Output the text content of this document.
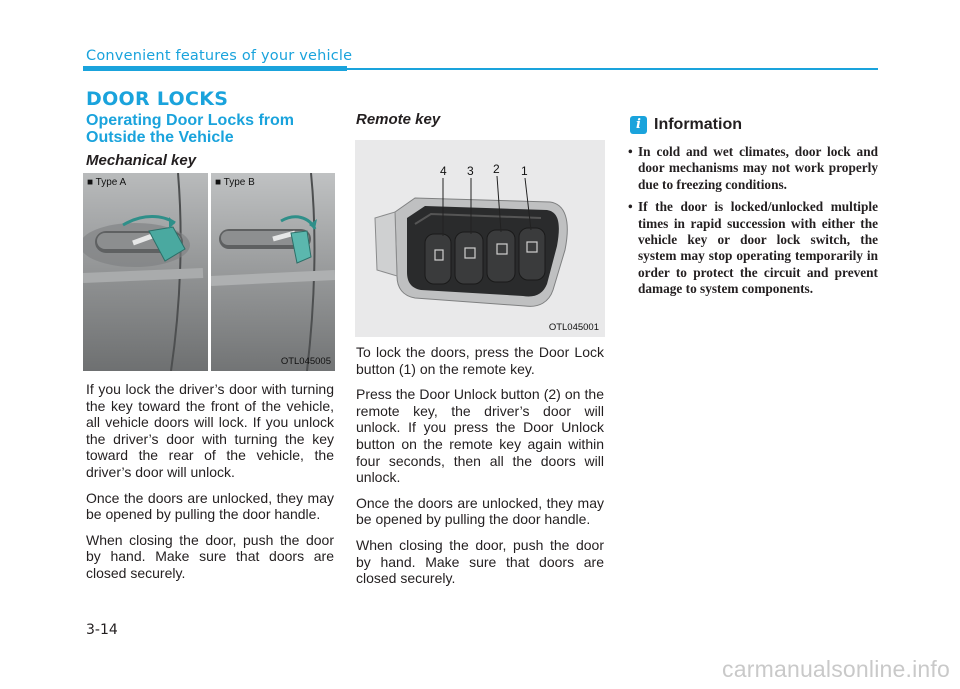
Convenient features of your vehicle
DOOR LOCKS
Operating Door Locks from Outside the Vehicle
Mechanical key
■ Type A	■ Type B
OTL045005

If you lock the driver’s door with turning the key toward the front of the vehicle, all vehicle doors will lock. If you unlock the driver’s door with turning the key toward the rear of the vehicle, the driver’s door will unlock.

Once the doors are unlocked, they may be opened by pulling the door handle.

When closing the door, push the door by hand. Make sure that doors are closed securely.

Remote key
4 3 2 1
OTL045001

To lock the doors, press the Door Lock button (1) on the remote key.

Press the Door Unlock button (2) on the remote key, the driver’s door will unlock. If you press the Door Unlock button on the remote key again within four seconds, then all the doors will unlock.

Once the doors are unlocked, they may be opened by pulling the door handle.

When closing the door, push the door by hand. Make sure that doors are closed securely.

i Information
• In cold and wet climates, door lock and door mechanisms may not work properly due to freezing conditions.
• If the door is locked/unlocked multiple times in rapid succession with either the vehicle key or door lock switch, the system may stop operating temporarily in order to protect the circuit and prevent damage to system components.
3-14
carmanualsonline.info
